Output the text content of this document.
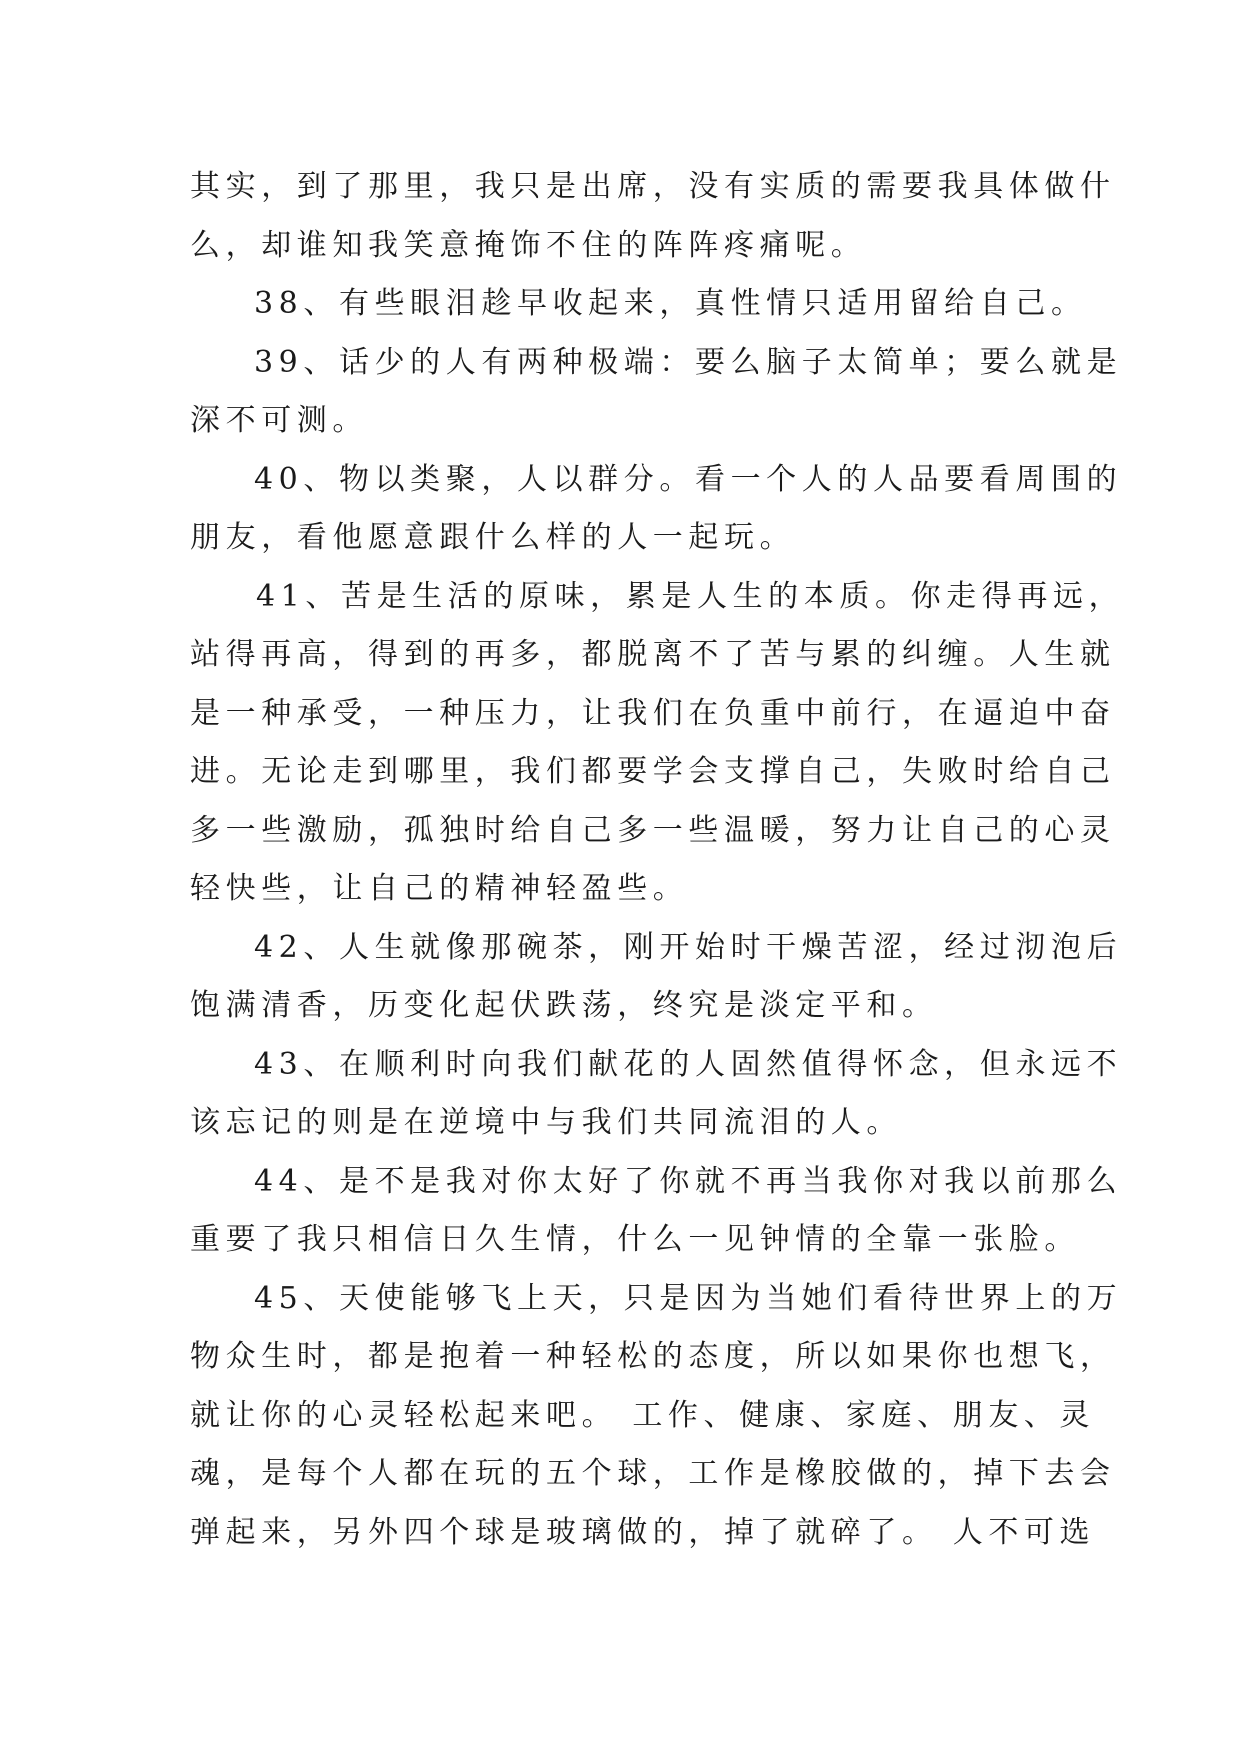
其实，到了那里，我只是出席，没有实质的需要我具体做什
么，却谁知我笑意掩饰不住的阵阵疼痛呢。
38、有些眼泪趁早收起来，真性情只适用留给自己。
39、话少的人有两种极端：要么脑子太简单；要么就是
深不可测。
40、物以类聚，人以群分。看一个人的人品要看周围的
朋友，看他愿意跟什么样的人一起玩。
41、苦是生活的原味，累是人生的本质。你走得再远，
站得再高，得到的再多，都脱离不了苦与累的纠缠。人生就
是一种承受，一种压力，让我们在负重中前行，在逼迫中奋
进。无论走到哪里，我们都要学会支撑自己，失败时给自己
多一些激励，孤独时给自己多一些温暖，努力让自己的心灵
轻快些，让自己的精神轻盈些。
42、人生就像那碗茶，刚开始时干燥苦涩，经过沏泡后
饱满清香，历变化起伏跌荡，终究是淡定平和。
43、在顺利时向我们献花的人固然值得怀念，但永远不
该忘记的则是在逆境中与我们共同流泪的人。
44、是不是我对你太好了你就不再当我你对我以前那么
重要了我只相信日久生情，什么一见钟情的全靠一张脸。
45、天使能够飞上天，只是因为当她们看待世界上的万
物众生时，都是抱着一种轻松的态度，所以如果你也想飞，
就让你的心灵轻松起来吧。 工作、健康、家庭、朋友、灵
魂，是每个人都在玩的五个球，工作是橡胶做的，掉下去会
弹起来，另外四个球是玻璃做的，掉了就碎了。 人不可选
